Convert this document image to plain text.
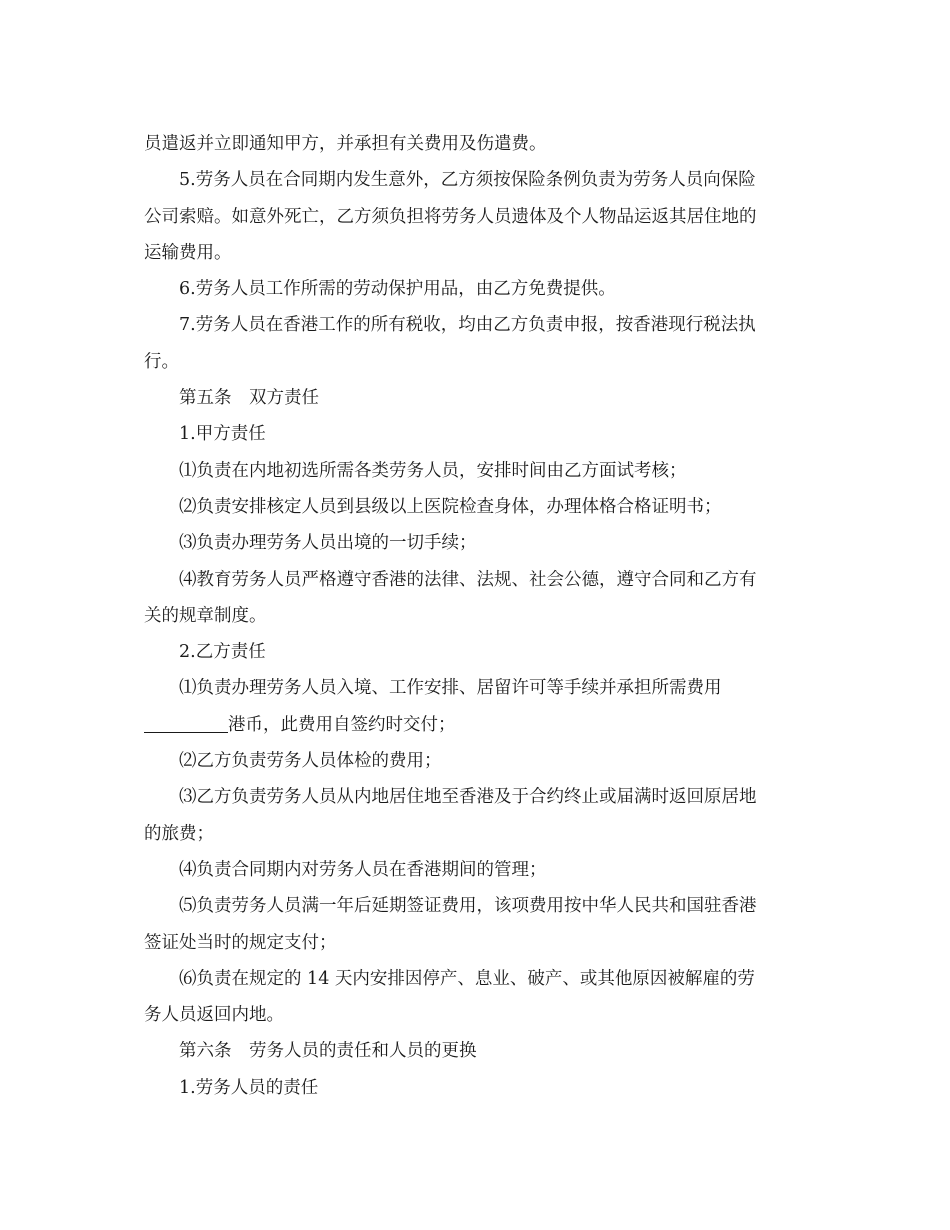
员遣返并立即通知甲方，并承担有关费用及伤遣费。
5.劳务人员在合同期内发生意外，乙方须按保险条例负责为劳务人员向保险
公司索赔。如意外死亡，乙方须负担将劳务人员遗体及个人物品运返其居住地的
运输费用。
6.劳务人员工作所需的劳动保护用品，由乙方免费提供。
7.劳务人员在香港工作的所有税收，均由乙方负责申报，按香港现行税法执
行。
第五条　双方责任
1.甲方责任
⑴负责在内地初选所需各类劳务人员，安排时间由乙方面试考核；
⑵负责安排核定人员到县级以上医院检查身体，办理体格合格证明书；
⑶负责办理劳务人员出境的一切手续；
⑷教育劳务人员严格遵守香港的法律、法规、社会公德，遵守合同和乙方有
关的规章制度。
2.乙方责任
⑴负责办理劳务人员入境、工作安排、居留许可等手续并承担所需费用
港币，此费用自签约时交付；
⑵乙方负责劳务人员体检的费用；
⑶乙方负责劳务人员从内地居住地至香港及于合约终止或届满时返回原居地
的旅费；
⑷负责合同期内对劳务人员在香港期间的管理；
⑸负责劳务人员满一年后延期签证费用，该项费用按中华人民共和国驻香港
签证处当时的规定支付；
⑹负责在规定的 14 天内安排因停产、息业、破产、或其他原因被解雇的劳
务人员返回内地。
第六条　劳务人员的责任和人员的更换
1.劳务人员的责任
